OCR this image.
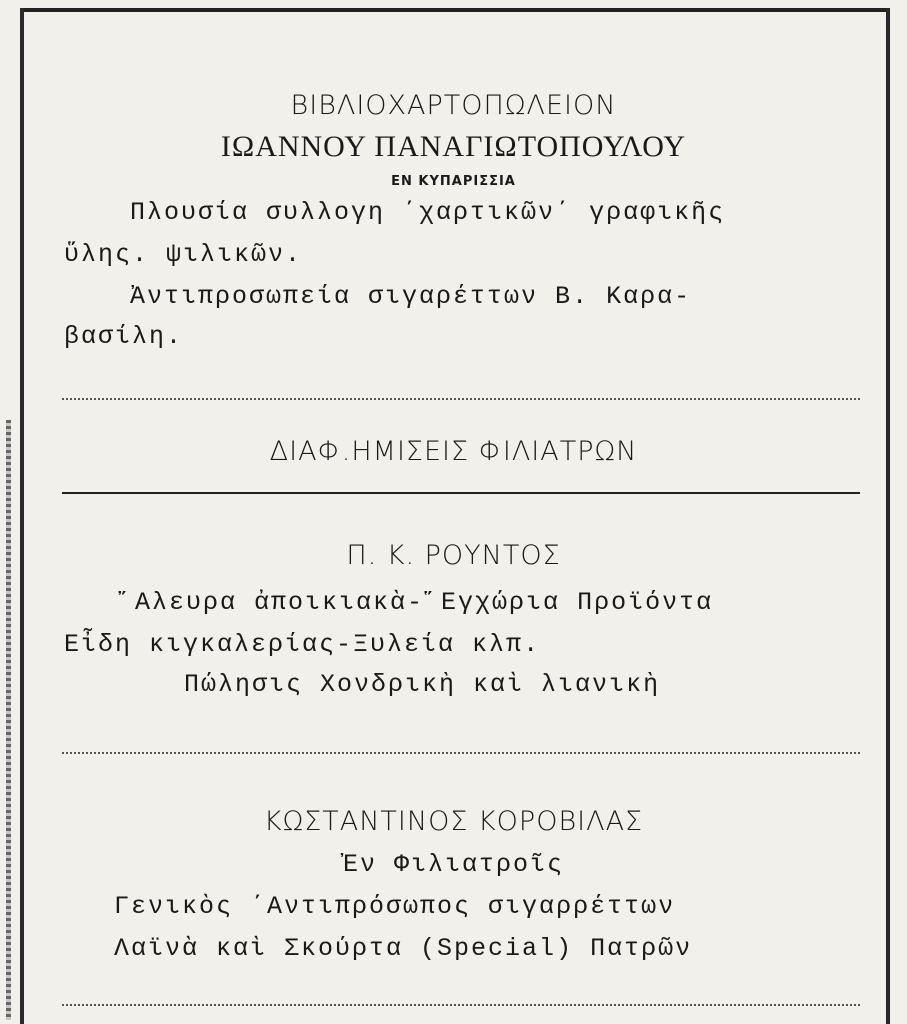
ΒΙΒΛΙΟΧΑΡΤΟΠΩΛΕΙΟΝ
ΙΩΑΝΝΟΥ ΠΑΝΑΓΙΩΤΟΠΟΥΛΟΥ
ΕΝ ΚΥΠΑΡΙΣΣΙΑ
Πλουσία συλλογη ΄χαρτικῶν΄ γραφικῆς
ὕλης. ψιλικῶν.
Ἀντιπροσωπεία σιγαρέττων Β. Καρα-
βασίλη.
ΔΙΑΦ.ΗΜΙΣΕΙΣ ΦΙΛΙΑΤΡΩΝ
Π. Κ. ΡΟΥΝΤΟΣ
῎Αλευρα ἀποικιακὰ-῞Εγχώρια Προϊόντα
Εἶδη κιγκαλερίας-Ξυλεία κλπ.
Πώλησις Χονδρικὴ καὶ λιανικὴ
ΚΩΣΤΑΝΤΙΝΟΣ ΚΟΡΟΒΙΛΑΣ
Ἐν Φιλιατροῖς
Γενικὸς ΄Αντιπρόσωπος σιγαρρέττων
Λαϊνὰ καὶ Σκούρτα (Special) Πατρῶν
